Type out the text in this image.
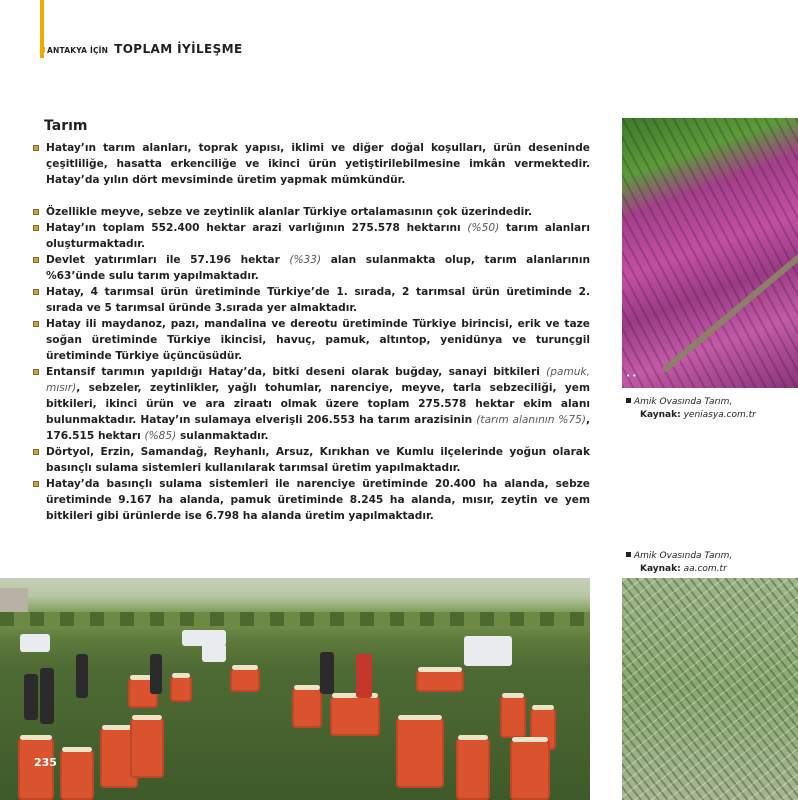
ANTAKYA İÇİN TOPLAM İYİLEŞME
Tarım
Hatay’ın tarım alanları, toprak yapısı, iklimi ve diğer doğal koşulları, ürün deseninde çeşitliliğe, hasatta erkenciliğe ve ikinci ürün yetiştirilebilmesine imkân vermektedir. Hatay’da yılın dört mevsiminde üretim yapmak mümkündür.
Özellikle meyve, sebze ve zeytinlik alanlar Türkiye ortalamasının çok üzerindedir.
Hatay’ın toplam 552.400 hektar arazi varlığının 275.578 hektarını (%50) tarım alanları oluşturmaktadır.
Devlet yatırımları ile 57.196 hektar (%33) alan sulanmakta olup, tarım alanlarının %63’ünde sulu tarım yapılmaktadır.
Hatay, 4 tarımsal ürün üretiminde Türkiye’de 1. sırada, 2 tarımsal ürün üretiminde 2. sırada ve 5 tarımsal üründe 3.sırada yer almaktadır.
Hatay ili maydanoz, pazı, mandalina ve dereotu üretiminde Türkiye birincisi, erik ve taze soğan üretiminde Türkiye ikincisi, havuç, pamuk, altıntop, yenidünya ve turunçgil üretiminde Türkiye üçüncüsüdür.
Entansif tarımın yapıldığı Hatay’da, bitki deseni olarak buğday, sanayi bitkileri (pamuk, mısır), sebzeler, zeytinlikler, yağlı tohumlar, narenciye, meyve, tarla sebzeciliği, yem bitkileri, ikinci ürün ve ara ziraatı olmak üzere toplam 275.578 hektar ekim alanı bulunmaktadır. Hatay’ın sulamaya elverişli 206.553 ha tarım arazisinin (tarım alanının %75), 176.515 hektarı (%85) sulanmaktadır.
Dörtyol, Erzin, Samandağ, Reyhanlı, Arsuz, Kırıkhan ve Kumlu ilçelerinde yoğun olarak basınçlı sulama sistemleri kullanılarak tarımsal üretim yapılmaktadır.
Hatay’da basınçlı sulama sistemleri ile narenciye üretiminde 20.400 ha alanda, sebze üretiminde 9.167 ha alanda, pamuk üretiminde 8.245 ha alanda, mısır, zeytin ve yem bitkileri gibi ürünlerde ise 6.798 ha alanda üretim yapılmaktadır.
• •
Amik Ovasında Tarım,
Kaynak: yeniasya.com.tr
Amik Ovasında Tarım,
Kaynak: aa.com.tr
235
